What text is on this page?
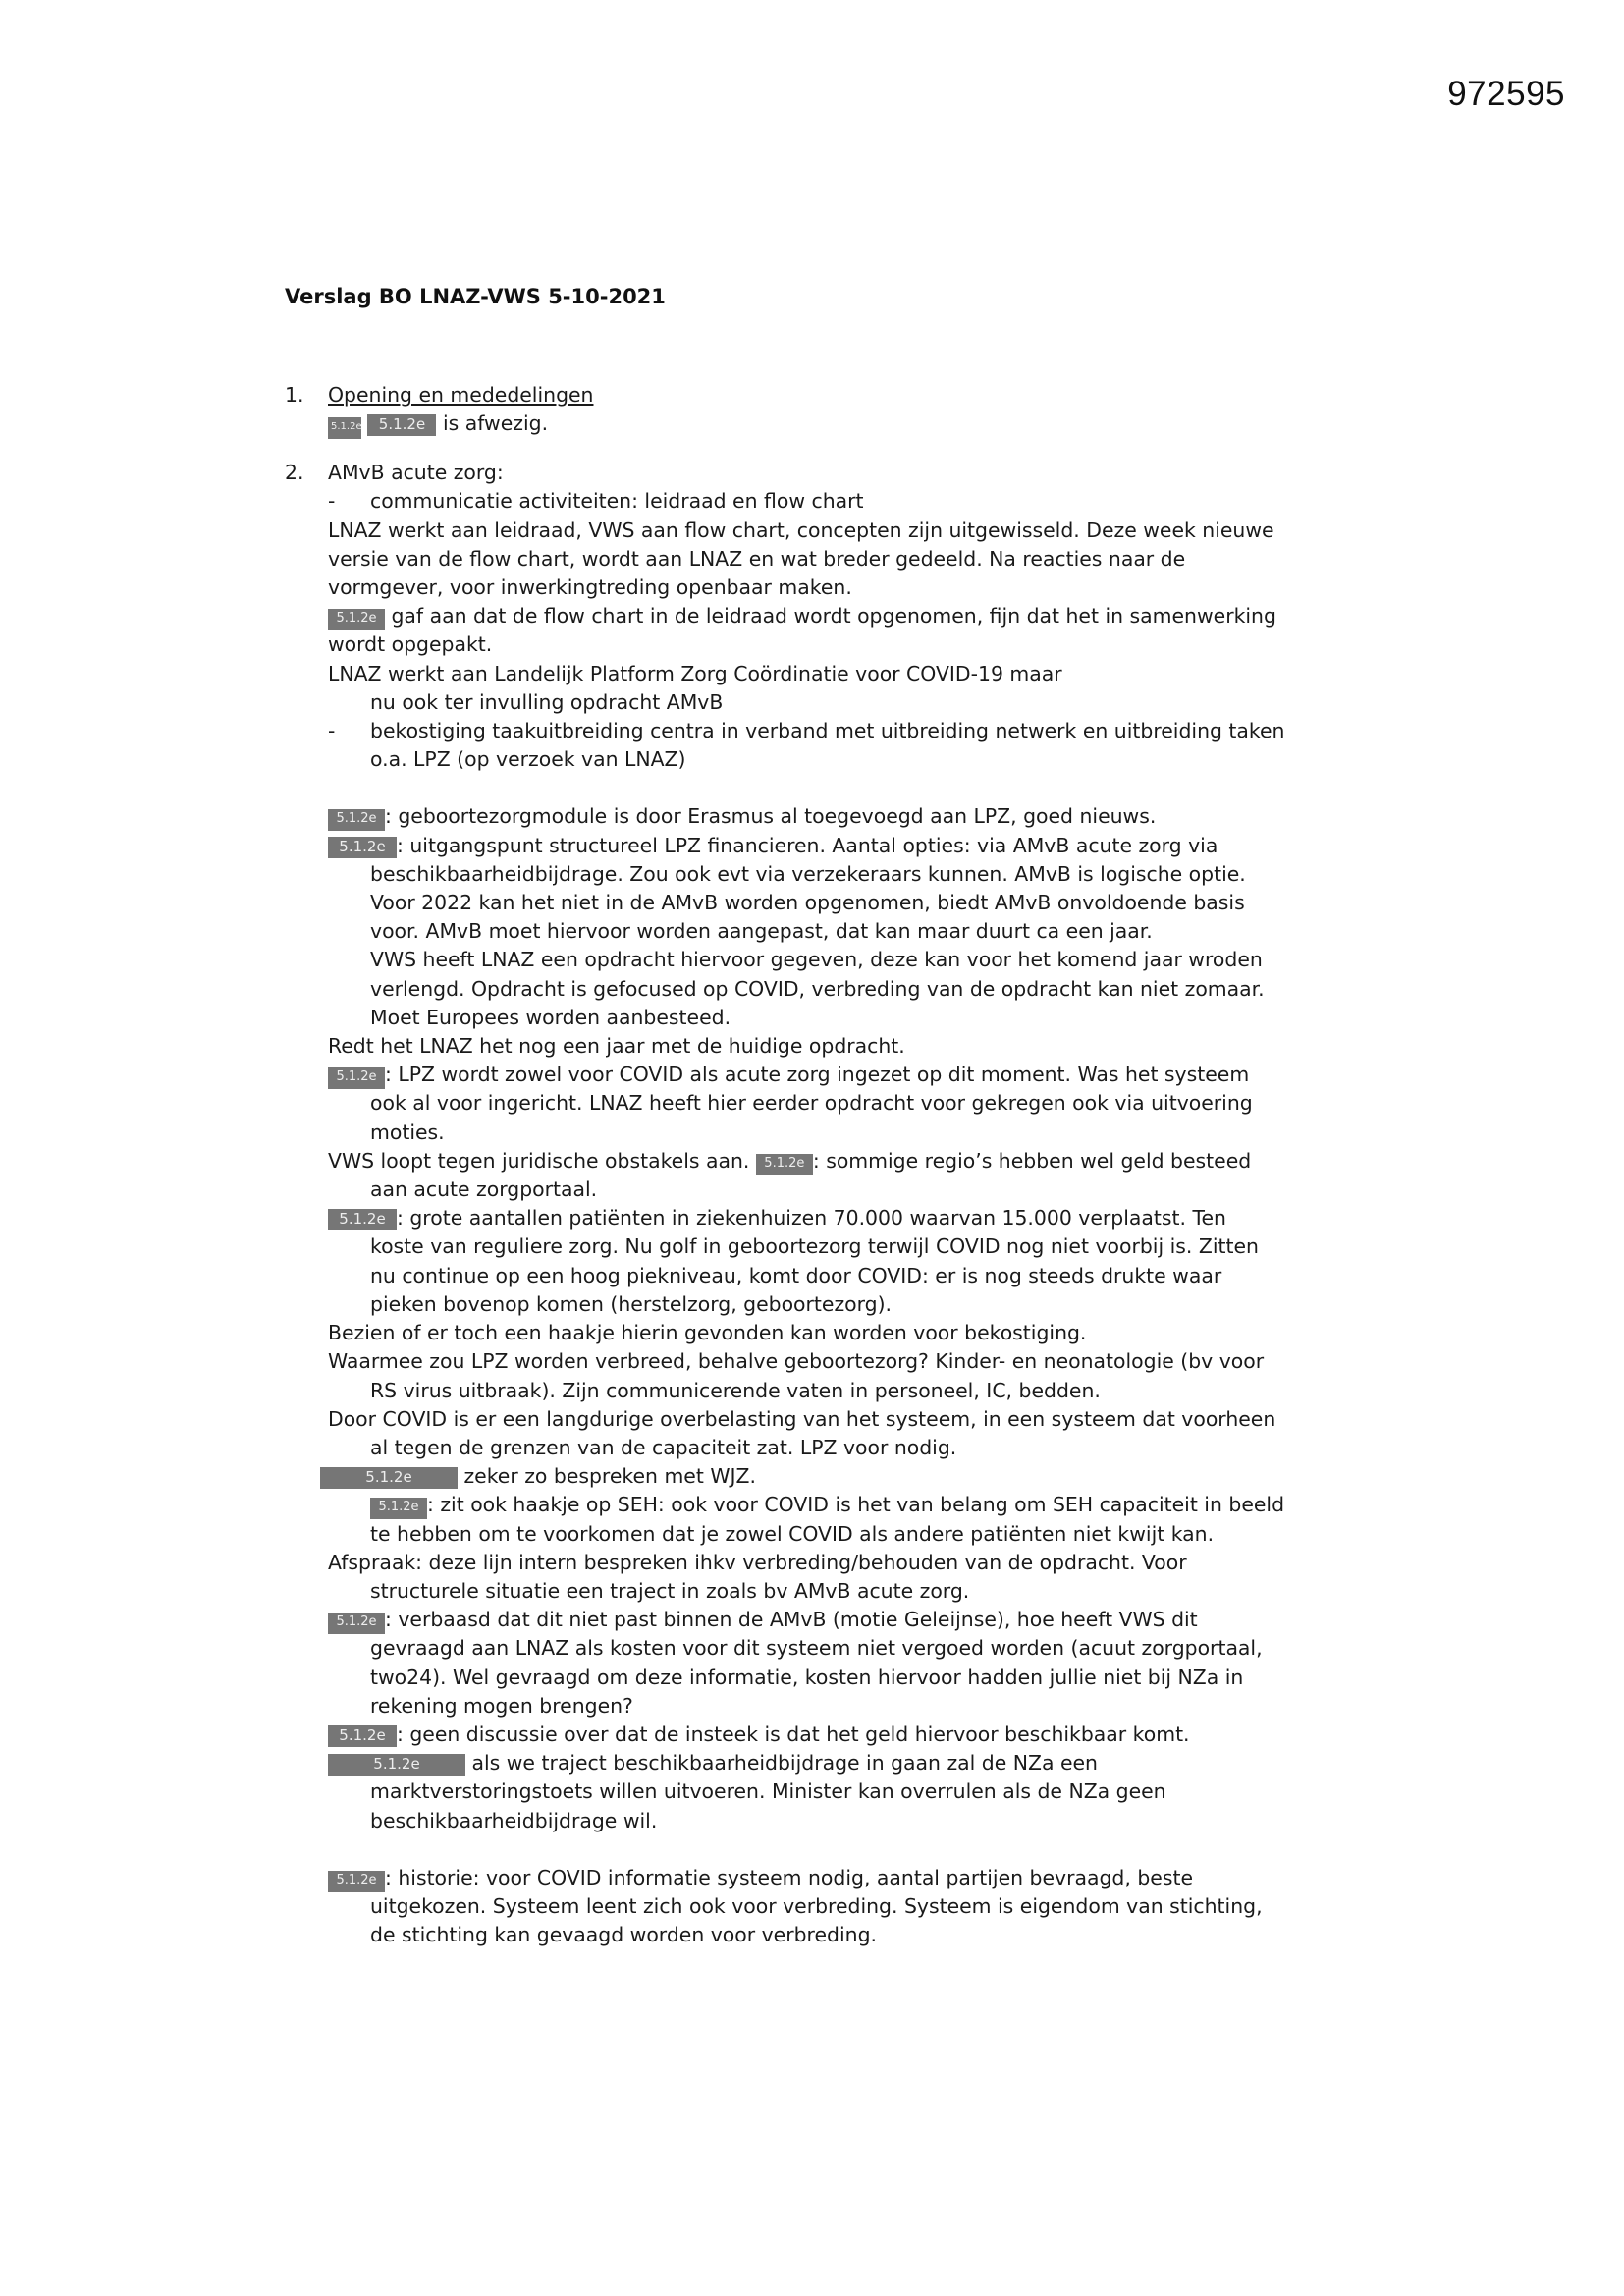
972595
Verslag BO LNAZ-VWS 5-10-2021
1. Opening en mededelingen
5.1.2e 5.1.2e is afwezig.
2. AMvB acute zorg:
- communicatie activiteiten: leidraad en flow chart
LNAZ werkt aan leidraad, VWS aan flow chart, concepten zijn uitgewisseld. Deze week nieuwe
versie van de flow chart, wordt aan LNAZ en wat breder gedeeld. Na reacties naar de
vormgever, voor inwerkingtreding openbaar maken.
5.1.2e gaf aan dat de flow chart in de leidraad wordt opgenomen, fijn dat het in samenwerking
wordt opgepakt.
LNAZ werkt aan Landelijk Platform Zorg Coördinatie voor COVID-19 maar
nu ook ter invulling opdracht AMvB
- bekostiging taakuitbreiding centra in verband met uitbreiding netwerk en uitbreiding taken
o.a. LPZ (op verzoek van LNAZ)
5.1.2e : geboortezorgmodule is door Erasmus al toegevoegd aan LPZ, goed nieuws.
5.1.2e : uitgangspunt structureel LPZ financieren. Aantal opties: via AMvB acute zorg via
beschikbaarheidbijdrage. Zou ook evt via verzekeraars kunnen. AMvB is logische optie.
Voor 2022 kan het niet in de AMvB worden opgenomen, biedt AMvB onvoldoende basis
voor. AMvB moet hiervoor worden aangepast, dat kan maar duurt ca een jaar.
VWS heeft LNAZ een opdracht hiervoor gegeven, deze kan voor het komend jaar wroden
verlengd. Opdracht is gefocused op COVID, verbreding van de opdracht kan niet zomaar.
Moet Europees worden aanbesteed.
Redt het LNAZ het nog een jaar met de huidige opdracht.
5.1.2e : LPZ wordt zowel voor COVID als acute zorg ingezet op dit moment. Was het systeem
ook al voor ingericht. LNAZ heeft hier eerder opdracht voor gekregen ook via uitvoering
moties.
VWS loopt tegen juridische obstakels aan. 5.1.2e : sommige regio’s hebben wel geld besteed
aan acute zorgportaal.
5.1.2e : grote aantallen patiënten in ziekenhuizen 70.000 waarvan 15.000 verplaatst. Ten
koste van reguliere zorg. Nu golf in geboortezorg terwijl COVID nog niet voorbij is. Zitten
nu continue op een hoog piekniveau, komt door COVID: er is nog steeds drukte waar
pieken bovenop komen (herstelzorg, geboortezorg).
Bezien of er toch een haakje hierin gevonden kan worden voor bekostiging.
Waarmee zou LPZ worden verbreed, behalve geboortezorg? Kinder- en neonatologie (bv voor
RS virus uitbraak). Zijn communicerende vaten in personeel, IC, bedden.
Door COVID is er een langdurige overbelasting van het systeem, in een systeem dat voorheen
al tegen de grenzen van de capaciteit zat. LPZ voor nodig.
5.1.2e zeker zo bespreken met WJZ.
5.1.2e : zit ook haakje op SEH: ook voor COVID is het van belang om SEH capaciteit in beeld
te hebben om te voorkomen dat je zowel COVID als andere patiënten niet kwijt kan.
Afspraak: deze lijn intern bespreken ihkv verbreding/behouden van de opdracht. Voor
structurele situatie een traject in zoals bv AMvB acute zorg.
5.1.2e : verbaasd dat dit niet past binnen de AMvB (motie Geleijnse), hoe heeft VWS dit
gevraagd aan LNAZ als kosten voor dit systeem niet vergoed worden (acuut zorgportaal,
two24). Wel gevraagd om deze informatie, kosten hiervoor hadden jullie niet bij NZa in
rekening mogen brengen?
5.1.2e : geen discussie over dat de insteek is dat het geld hiervoor beschikbaar komt.
5.1.2e als we traject beschikbaarheidbijdrage in gaan zal de NZa een
marktverstoringstoets willen uitvoeren. Minister kan overrulen als de NZa geen
beschikbaarheidbijdrage wil.
5.1.2e : historie: voor COVID informatie systeem nodig, aantal partijen bevraagd, beste
uitgekozen. Systeem leent zich ook voor verbreding. Systeem is eigendom van stichting,
de stichting kan gevaagd worden voor verbreding.
